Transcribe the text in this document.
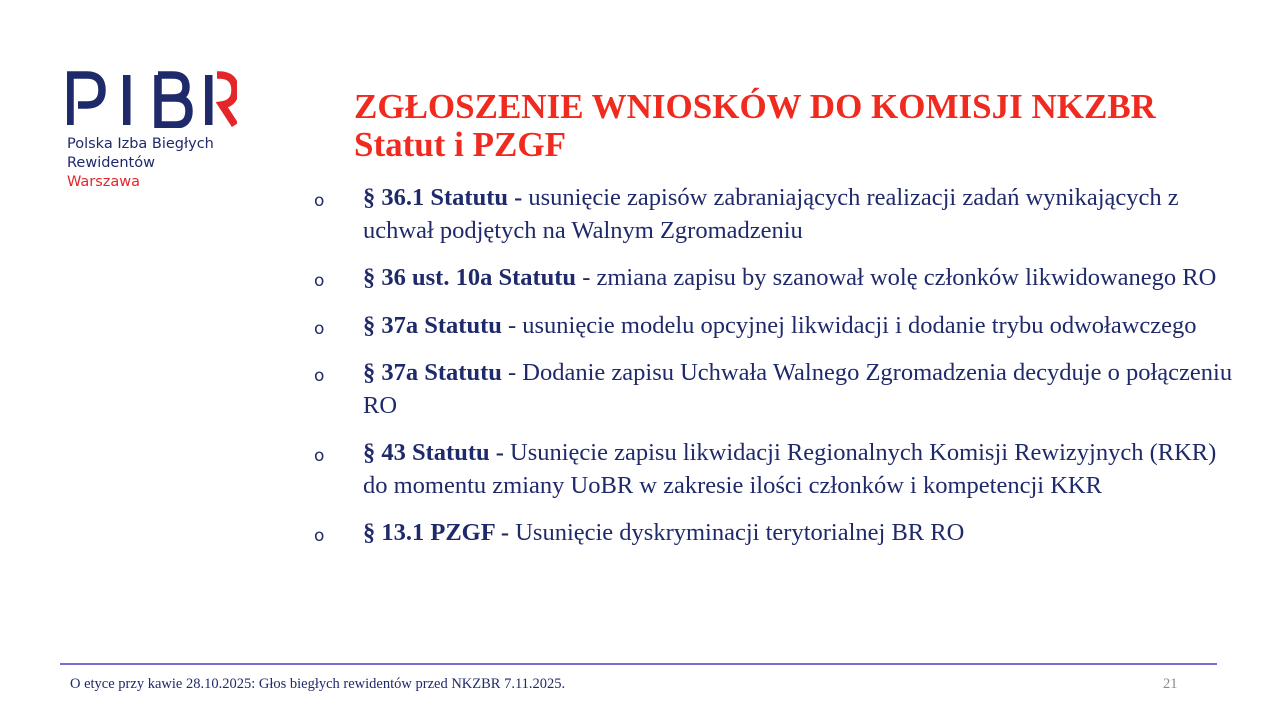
Polska Izba Biegłych
Rewidentów
Warszawa
ZGŁOSZENIE WNIOSKÓW DO KOMISJI NKZBR
Statut i PZGF
o	§ 36.1 Statutu - usunięcie zapisów zabraniających realizacji zadań wynikających z uchwał podjętych na Walnym Zgromadzeniu
o	§ 36 ust. 10a Statutu - zmiana zapisu by szanował wolę członków likwidowanego RO
o	§ 37a Statutu - usunięcie modelu opcyjnej likwidacji i dodanie trybu odwoławczego
o	§ 37a Statutu - Dodanie zapisu Uchwała Walnego Zgromadzenia decyduje o połączeniu RO
o	§ 43 Statutu - Usunięcie zapisu likwidacji Regionalnych Komisji Rewizyjnych (RKR) do momentu zmiany UoBR w zakresie ilości członków i kompetencji KKR
o	§ 13.1 PZGF - Usunięcie dyskryminacji terytorialnej BR RO
O etyce przy kawie 28.10.2025: Głos biegłych rewidentów przed NKZBR 7.11.2025.	21
